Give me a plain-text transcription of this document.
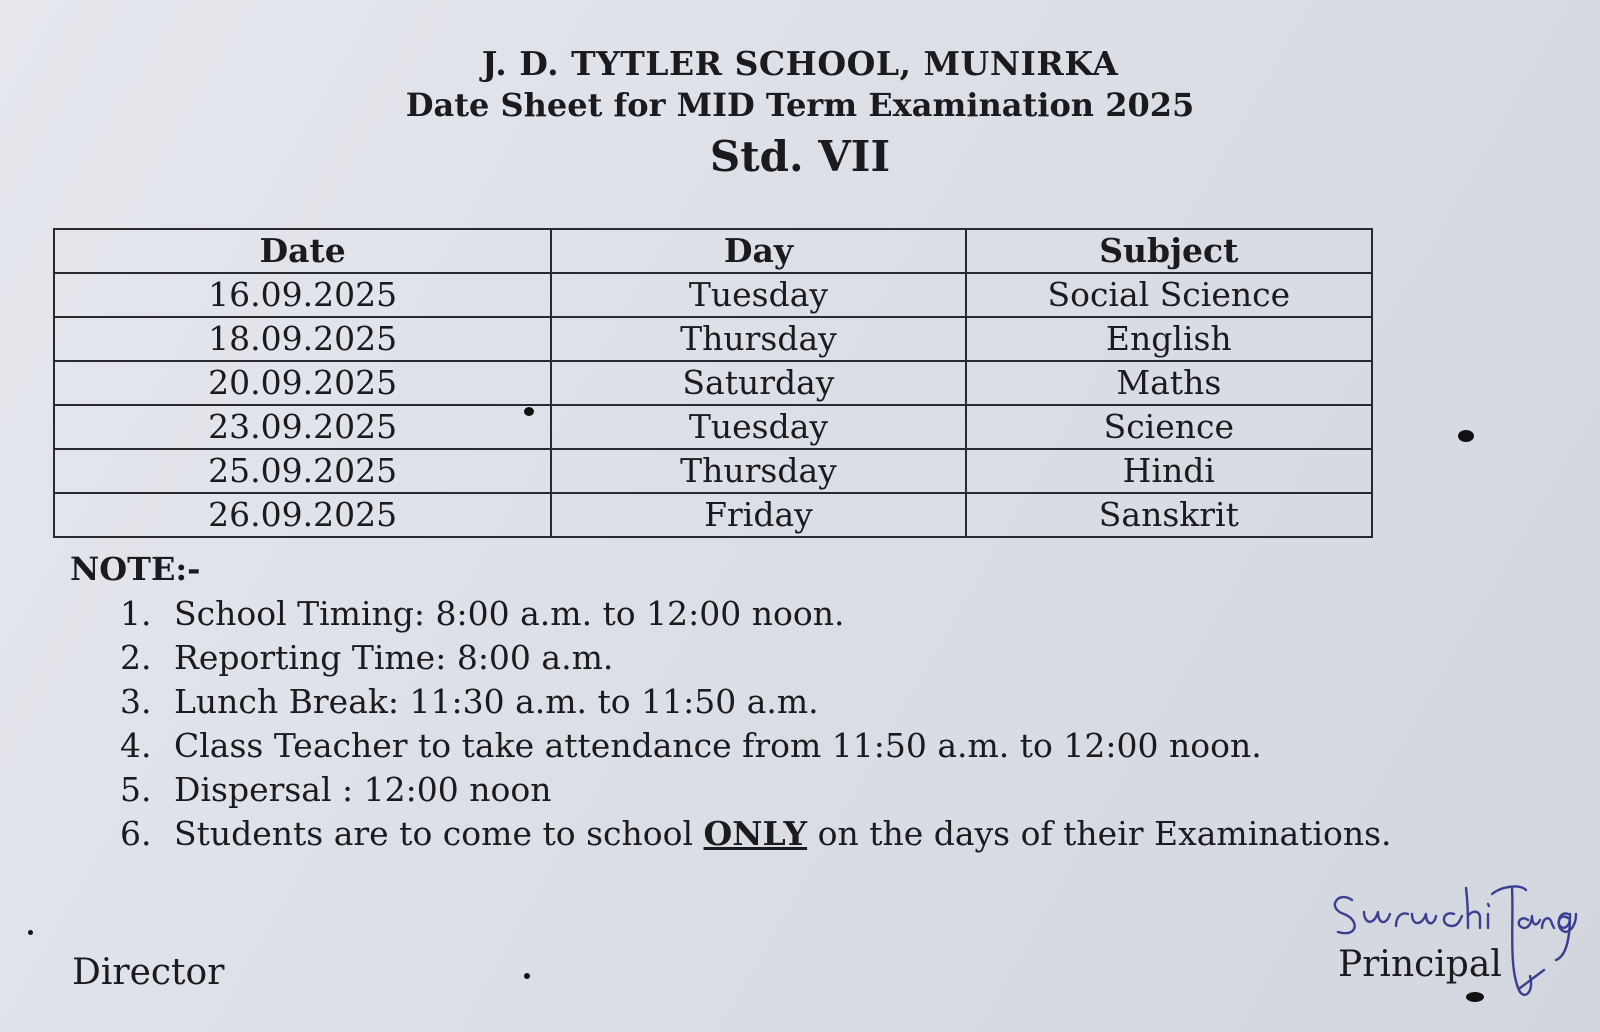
J. D. TYTLER SCHOOL, MUNIRKA
Date Sheet for MID Term Examination 2025
Std. VII
Date	Day	Subject
16.09.2025	Tuesday	Social Science
18.09.2025	Thursday	English
20.09.2025	Saturday	Maths
23.09.2025	Tuesday	Science
25.09.2025	Thursday	Hindi
26.09.2025	Friday	Sanskrit
NOTE:-
1. School Timing: 8:00 a.m. to 12:00 noon.
2. Reporting Time: 8:00 a.m.
3. Lunch Break: 11:30 a.m. to 11:50 a.m.
4. Class Teacher to take attendance from 11:50 a.m. to 12:00 noon.
5. Dispersal : 12:00 noon
6. Students are to come to school ONLY on the days of their Examinations.
Director	Principal
